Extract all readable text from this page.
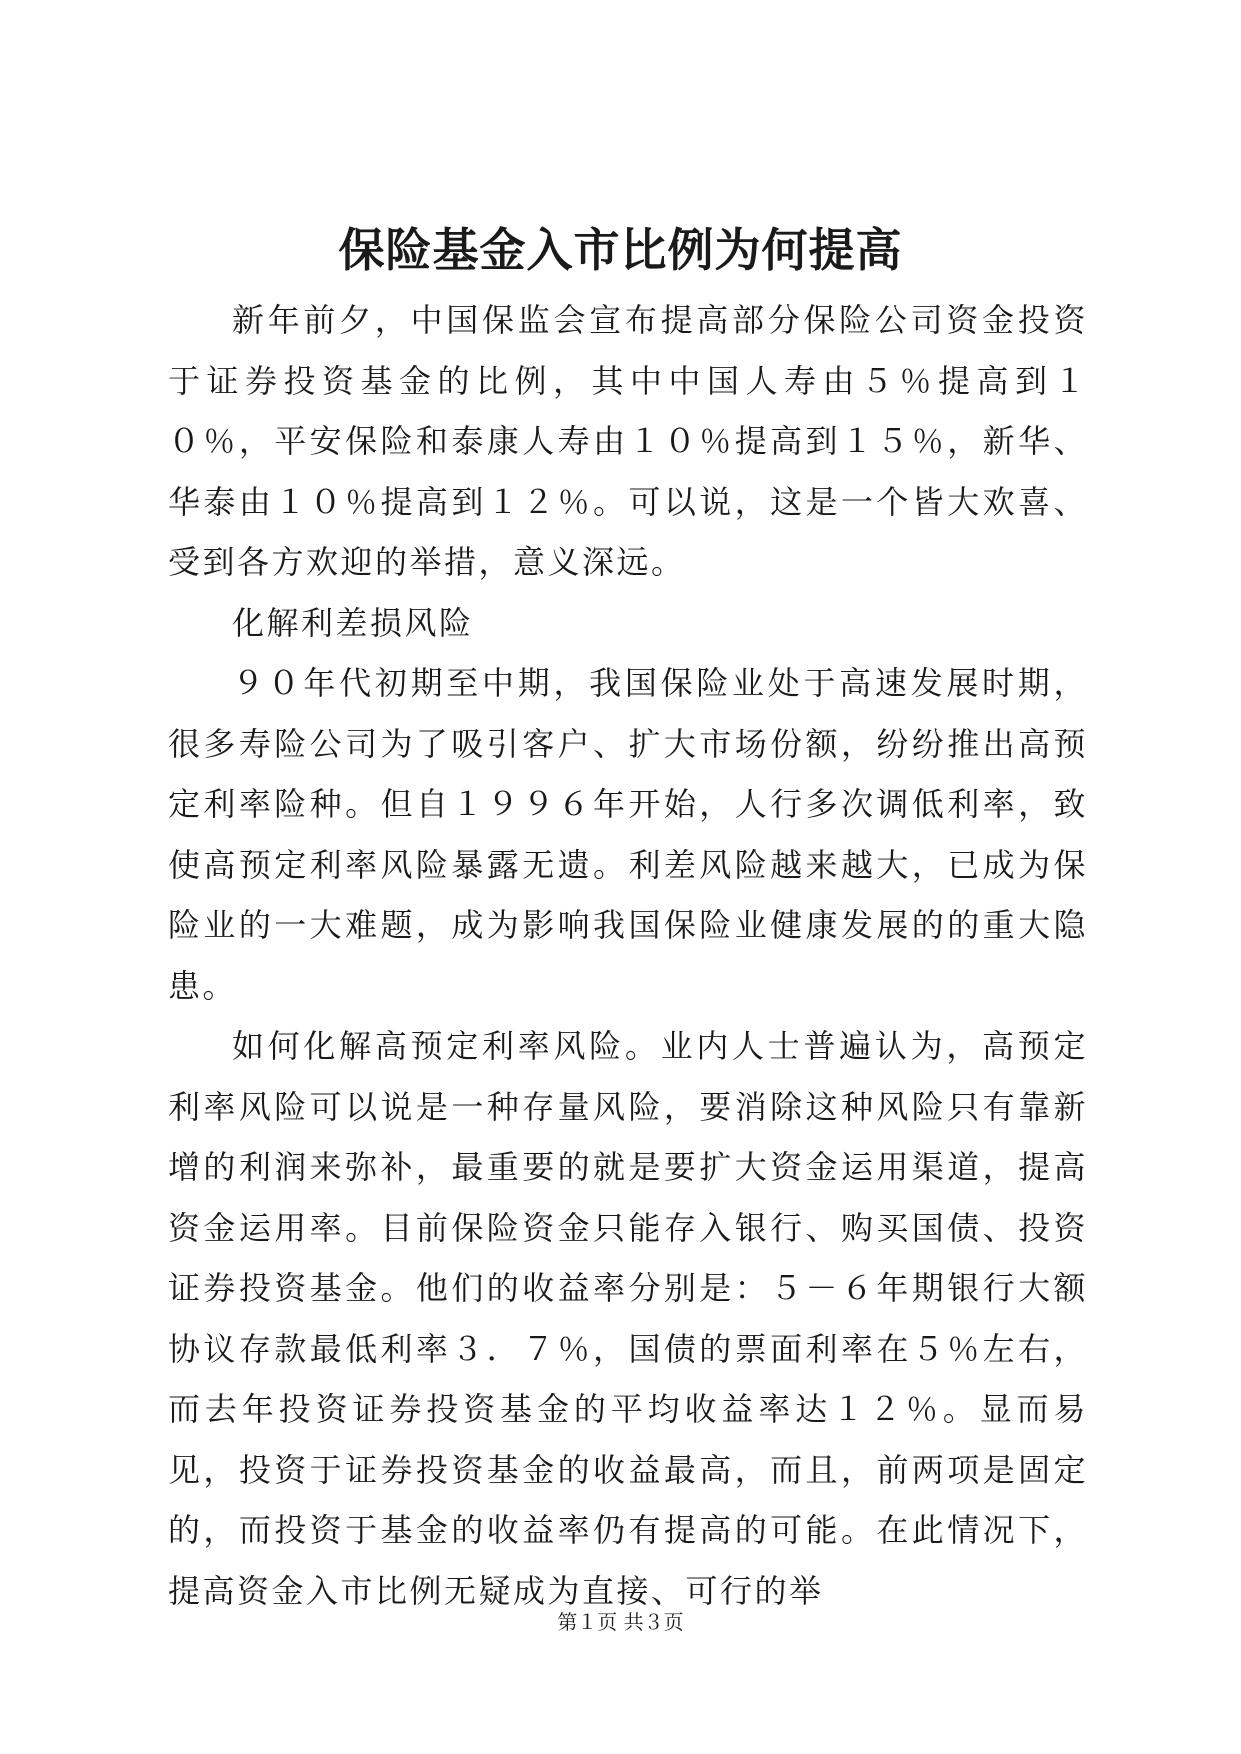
保险基金入市比例为何提高

新年前夕，中国保监会宣布提高部分保险公司资金投资于证券投资基金的比例，其中中国人寿由５％提高到１０％，平安保险和泰康人寿由１０％提高到１５％，新华、华泰由１０％提高到１２％。可以说，这是一个皆大欢喜、受到各方欢迎的举措，意义深远。

化解利差损风险

９０年代初期至中期，我国保险业处于高速发展时期，很多寿险公司为了吸引客户、扩大市场份额，纷纷推出高预定利率险种。但自１９９６年开始，人行多次调低利率，致使高预定利率风险暴露无遗。利差风险越来越大，已成为保险业的一大难题，成为影响我国保险业健康发展的的重大隐患。

如何化解高预定利率风险。业内人士普遍认为，高预定利率风险可以说是一种存量风险，要消除这种风险只有靠新增的利润来弥补，最重要的就是要扩大资金运用渠道，提高资金运用率。目前保险资金只能存入银行、购买国债、投资证券投资基金。他们的收益率分别是：５－６年期银行大额协议存款最低利率３．７％，国债的票面利率在５％左右，而去年投资证券投资基金的平均收益率达１２％。显而易见，投资于证券投资基金的收益最高，而且，前两项是固定的，而投资于基金的收益率仍有提高的可能。在此情况下，提高资金入市比例无疑成为直接、可行的举

第１页 共３页
